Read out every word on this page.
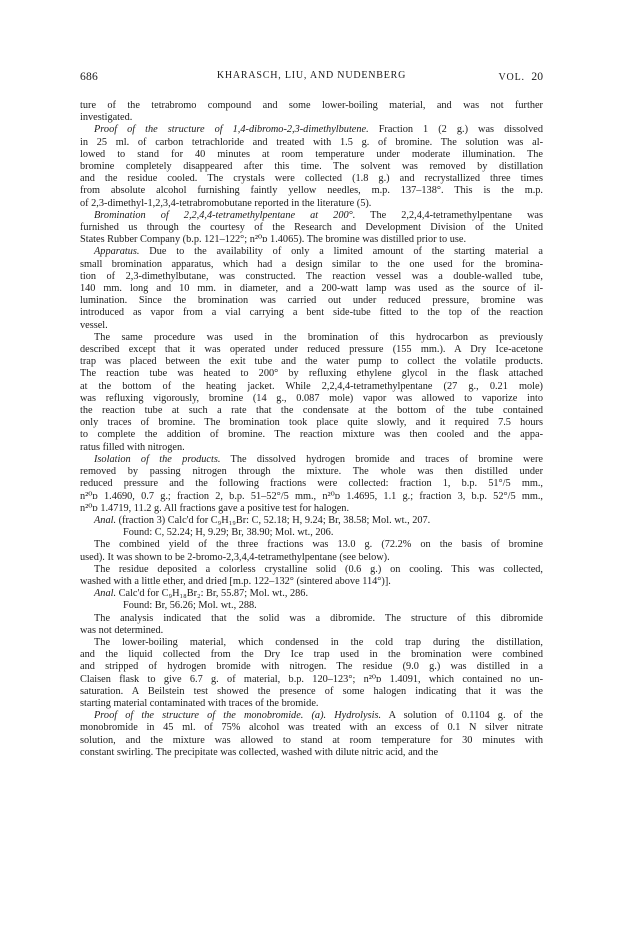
686	KHARASCH, LIU, AND NUDENBERG	VOL. 20

ture of the tetrabromo compound and some lower-boiling material, and was not further
investigated.

Proof of the structure of 1,4-dibromo-2,3-dimethylbutene. Fraction 1 (2 g.) was dissolved
in 25 ml. of carbon tetrachloride and treated with 1.5 g. of bromine. The solution was al-
lowed to stand for 40 minutes at room temperature under moderate illumination. The
bromine completely disappeared after this time. The solvent was removed by distillation
and the residue cooled. The crystals were collected (1.8 g.) and recrystallized three times
from absolute alcohol furnishing faintly yellow needles, m.p. 137–138°. This is the m.p.
of 2,3-dimethyl-1,2,3,4-tetrabromobutane reported in the literature (5).

Bromination of 2,2,4,4-tetramethylpentane at 200°. The 2,2,4,4-tetramethylpentane was
furnished us through the courtesy of the Research and Development Division of the United
States Rubber Company (b.p. 121–122°; n²⁰ᴅ 1.4065). The bromine was distilled prior to use.

Apparatus. Due to the availability of only a limited amount of the starting material a
small bromination apparatus, which had a design similar to the one used for the bromina-
tion of 2,3-dimethylbutane, was constructed. The reaction vessel was a double-walled tube,
140 mm. long and 10 mm. in diameter, and a 200-watt lamp was used as the source of il-
lumination. Since the bromination was carried out under reduced pressure, bromine was
introduced as vapor from a vial carrying a bent side-tube fitted to the top of the reaction
vessel.

The same procedure was used in the bromination of this hydrocarbon as previously
described except that it was operated under reduced pressure (155 mm.). A Dry Ice-acetone
trap was placed between the exit tube and the water pump to collect the volatile products.
The reaction tube was heated to 200° by refluxing ethylene glycol in the flask attached
at the bottom of the heating jacket. While 2,2,4,4-tetramethylpentane (27 g., 0.21 mole)
was refluxing vigorously, bromine (14 g., 0.087 mole) vapor was allowed to vaporize into
the reaction tube at such a rate that the condensate at the bottom of the tube contained
only traces of bromine. The bromination took place quite slowly, and it required 7.5 hours
to complete the addition of bromine. The reaction mixture was then cooled and the appa-
ratus filled with nitrogen.

Isolation of the products. The dissolved hydrogen bromide and traces of bromine were
removed by passing nitrogen through the mixture. The whole was then distilled under
reduced pressure and the following fractions were collected: fraction 1, b.p. 51°/5 mm.,
n²⁰ᴅ 1.4690, 0.7 g.; fraction 2, b.p. 51–52°/5 mm., n²⁰ᴅ 1.4695, 1.1 g.; fraction 3, b.p. 52°/5 mm.,
n²⁰ᴅ 1.4719, 11.2 g. All fractions gave a positive test for halogen.

Anal. (fraction 3) Calc'd for C₉H₁₉Br: C, 52.18; H, 9.24; Br, 38.58; Mol. wt., 207.

Found: C, 52.24; H, 9.29; Br, 38.90; Mol. wt., 206.

The combined yield of the three fractions was 13.0 g. (72.2% on the basis of bromine
used). It was shown to be 2-bromo-2,3,4,4-tetramethylpentane (see below).

The residue deposited a colorless crystalline solid (0.6 g.) on cooling. This was collected,
washed with a little ether, and dried [m.p. 122–132° (sintered above 114°)].

Anal. Calc'd for C₉H₁₈Br₂: Br, 55.87; Mol. wt., 286.

Found: Br, 56.26; Mol. wt., 288.

The analysis indicated that the solid was a dibromide. The structure of this dibromide
was not determined.

The lower-boiling material, which condensed in the cold trap during the distillation,
and the liquid collected from the Dry Ice trap used in the bromination were combined
and stripped of hydrogen bromide with nitrogen. The residue (9.0 g.) was distilled in a
Claisen flask to give 6.7 g. of material, b.p. 120–123°; n²⁰ᴅ 1.4091, which contained no un-
saturation. A Beilstein test showed the presence of some halogen indicating that it was the
starting material contaminated with traces of the bromide.

Proof of the structure of the monobromide. (a). Hydrolysis. A solution of 0.1104 g. of the
monobromide in 45 ml. of 75% alcohol was treated with an excess of 0.1 N silver nitrate
solution, and the mixture was allowed to stand at room temperature for 30 minutes with
constant swirling. The precipitate was collected, washed with dilute nitric acid, and the
